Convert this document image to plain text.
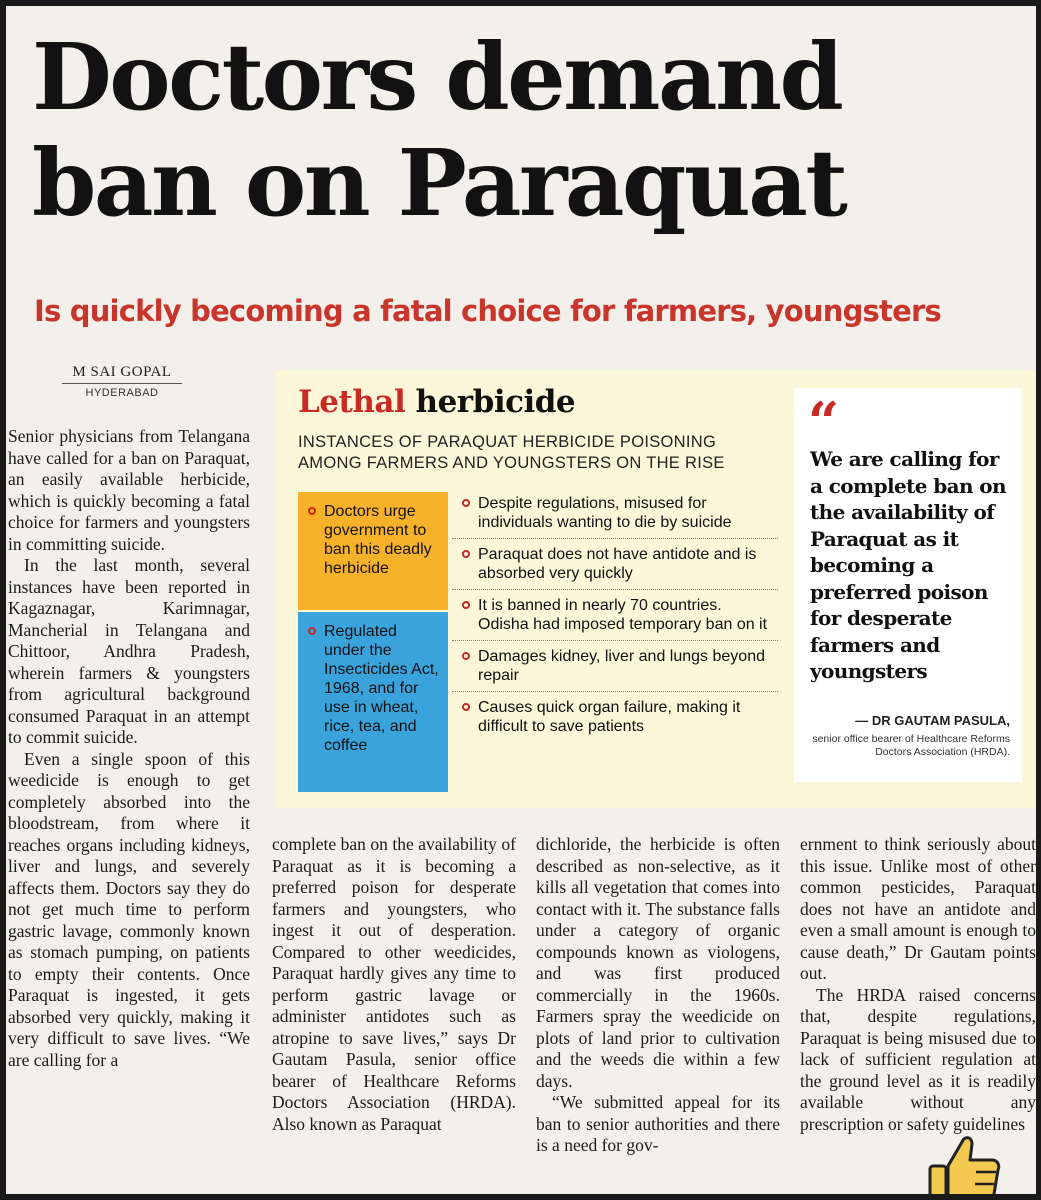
Doctors demand ban on Paraquat
Is quickly becoming a fatal choice for farmers, youngsters
M SAI GOPAL
HYDERABAD

Senior physicians from Telangana have called for a ban on Paraquat, an easily available herbicide, which is quickly becoming a fatal choice for farmers and youngsters in committing suicide.

In the last month, several instances have been reported in Kagaznagar, Karimnagar, Mancherial in Telangana and Chittoor, Andhra Pradesh, wherein farmers & youngsters from agricultural background consumed Paraquat in an attempt to commit suicide.

Even a single spoon of this weedicide is enough to get completely absorbed into the bloodstream, from where it reaches organs including kidneys, liver and lungs, and severely affects them. Doctors say they do not get much time to perform gastric lavage, commonly known as stomach pumping, on patients to empty their contents. Once Paraquat is ingested, it gets absorbed very quickly, making it very difficult to save lives. “We are calling for a

Lethal herbicide
INSTANCES OF PARAQUAT HERBICIDE POISONING AMONG FARMERS AND YOUNGSTERS ON THE RISE
Doctors urge government to ban this deadly herbicide
Regulated under the Insecticides Act, 1968, and for use in wheat, rice, tea, and coffee
Despite regulations, misused for individuals wanting to die by suicide
Paraquat does not have antidote and is absorbed very quickly
It is banned in nearly 70 countries. Odisha had imposed temporary ban on it
Damages kidney, liver and lungs beyond repair
Causes quick organ failure, making it difficult to save patients
“
We are calling for a complete ban on the availability of Paraquat as it becoming a preferred poison for desperate farmers and youngsters
— DR GAUTAM PASULA,
senior office bearer of Healthcare Reforms Doctors Association (HRDA).

complete ban on the availability of Paraquat as it is becoming a preferred poison for desperate farmers and youngsters, who ingest it out of desperation. Compared to other weedicides, Paraquat hardly gives any time to perform gastric lavage or administer antidotes such as atropine to save lives,” says Dr Gautam Pasula, senior office bearer of Healthcare Reforms Doctors Association (HRDA). Also known as Paraquat

dichloride, the herbicide is often described as non-selective, as it kills all vegetation that comes into contact with it. The substance falls under a category of organic compounds known as viologens, and was first produced commercially in the 1960s. Farmers spray the weedicide on plots of land prior to cultivation and the weeds die within a few days.

“We submitted appeal for its ban to senior authorities and there is a need for gov-

ernment to think seriously about this issue. Unlike most of other common pesticides, Paraquat does not have an antidote and even a small amount is enough to cause death,” Dr Gautam points out.

The HRDA raised concerns that, despite regulations, Paraquat is being misused due to lack of sufficient regulation at the ground level as it is readily available without any prescription or safety guidelines
